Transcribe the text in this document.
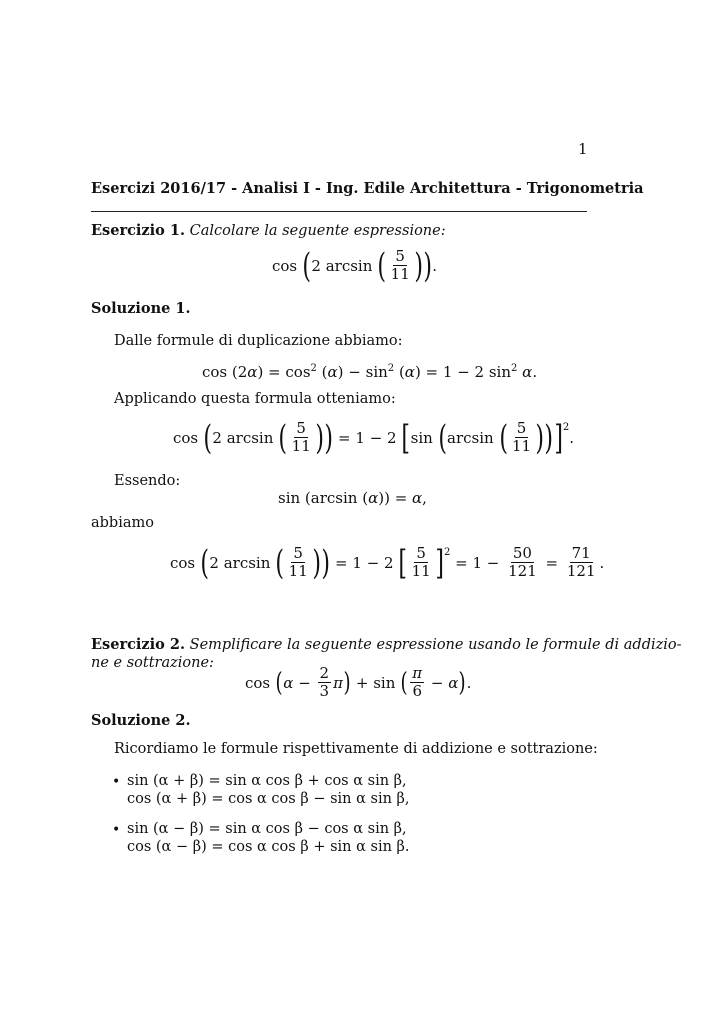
1
Esercizi 2016/17 - Analisi I - Ing. Edile Architettura - Trigonometria
Esercizio 1. Calcolare la seguente espressione:
cos ( 2 arcsin ( $\frac{5}{11}$ ) ) .
Soluzione 1.
Dalle formule di duplicazione abbiamo:
$\cos (2\alpha) = \cos^2 (\alpha) - \sin^2 (\alpha) = 1 - 2$ $\sin^2 \alpha$.
Applicando questa formula otteniamo:
cos ( 2 arcsin ( $\frac{5}{11}$ ) ) = 1 − 2 [ sin ( arcsin ( $\frac{5}{11}$ ) ) ] 2
.
Essendo:
sin (arcsin (α)) = α,
abbiamo
cos ( 2 arcsin ( $\frac{5}{11}$ ) ) = 1 − 2 [ $\frac{5}{11}$ ] 2
= $1 - \frac{50}{121} = \frac{71}{121}$ .
Esercizio 2. Semplificare la seguente espressione usando le formule di addizio-
ne e sottrazione:
cos ( $\alpha - \frac{2}{3}$ π ) + sin ( $\frac{\pi}{6} - \alpha$ ) .
Soluzione 2.
Ricordiamo le formule rispettivamente di addizione e sottrazione:
• sin (α + β) = sin α cos β + cos α sin β,
cos (α + β) = cos α cos β − sin α sin β,
• sin (α − β) = sin α cos β − cos α sin β,
cos (α − β) = cos α cos β + sin α sin β.
